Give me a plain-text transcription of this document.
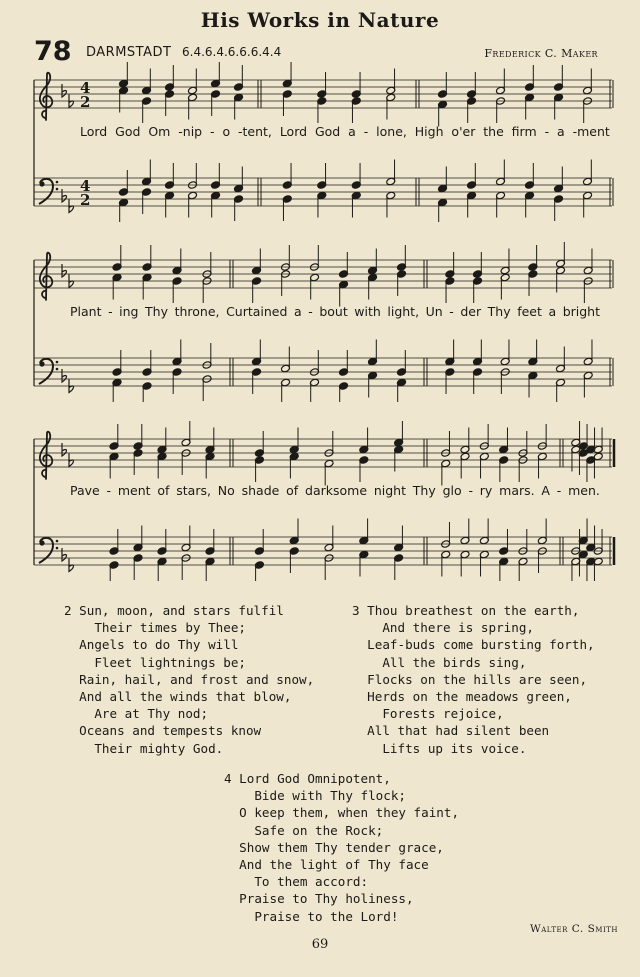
His Works in Nature
78 DARMSTADT 6.4.6.4.6.6.6.4.4	Frederick C. Maker
4
2
4
2
Lord God Om -nip - o -tent, Lord God a - lone, High o'er the firm - a -ment
Plant - ing Thy throne, Curtained a - bout with light, Un - der Thy feet a bright
Pave - ment of stars, No shade of darksome night Thy glo - ry mars. A - men.
2 Sun, moon, and stars fulfil
Their times by Thee;
Angels to do Thy will
Fleet lightnings be;
Rain, hail, and frost and snow,
And all the winds that blow,
Are at Thy nod;
Oceans and tempests know
Their mighty God.
3 Thou breathest on the earth,
And there is spring,
Leaf-buds come bursting forth,
All the birds sing,
Flocks on the hills are seen,
Herds on the meadows green,
Forests rejoice,
All that had silent been
Lifts up its voice.
4 Lord God Omnipotent,
Bide with Thy flock;
O keep them, when they faint,
Safe on the Rock;
Show them Thy tender grace,
And the light of Thy face
To them accord:
Praise to Thy holiness,
Praise to the Lord!
Walter C. Smith
69
